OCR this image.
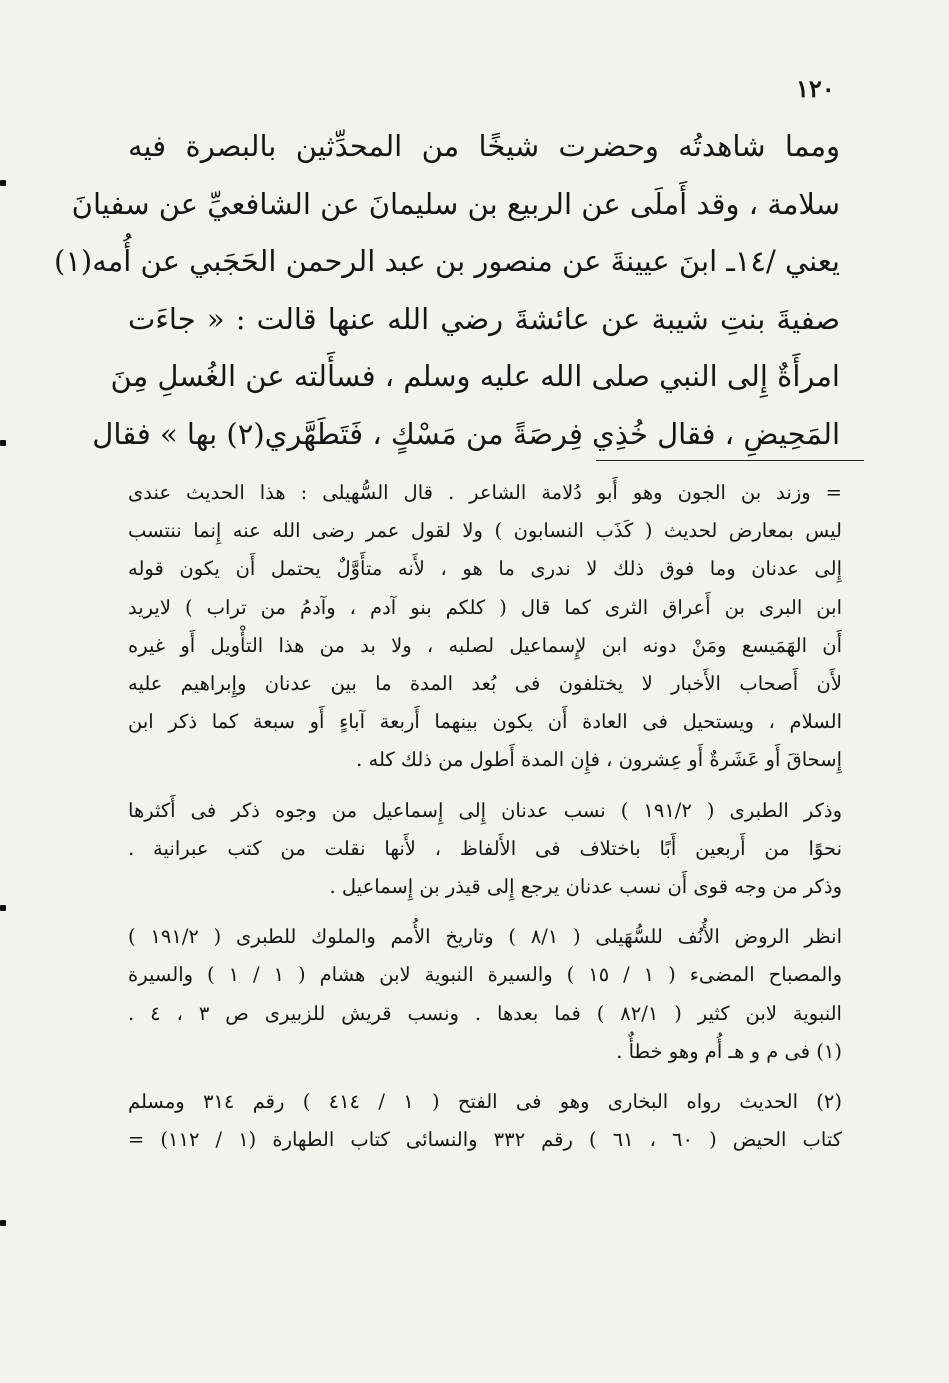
١٢٠
ومما شاهدتُه وحضرت شيخًا من المحدِّثين بالبصرة فيه
سلامة ، وقد أَملَى عن الربيع بن سليمانَ عن الشافعيِّ عن سفيانَ
يعني /١٤ـ ابنَ عيينةَ عن منصور بن عبد الرحمن الحَجَبي عن أُمه(١)
صفيةَ بنتِ شيبة عن عائشةَ رضي الله عنها قالت : « جاءَت
امرأَةٌ إِلى النبي صلى الله عليه وسلم ، فسأَلته عن الغُسلِ مِنَ
المَحِيضِ ، فقال خُذِي فِرصَةً من مَسْكٍ ، فَتَطَهَّري(٢) بها » فقال
= وزند بن الجون وهو أَبو دُلامة الشاعر . قال السُّهيلى : هذا الحديث عندى
ليس بمعارض لحديث ( كَذَب النسابون ) ولا لقول عمر رضى الله عنه إِنما ننتسب
إِلى عدنان وما فوق ذلك لا ندرى ما هو ، لأَنه متأَوَّلٌ يحتمل أَن يكون قوله
ابن البرى بن أَعراق الثرى كما قال ( كلكم بنو آدم ، وآدمُ من تراب ) لايريد
أَن الهَمَيسع ومَنْ دونه ابن لإِسماعيل لصلبه ، ولا بد من هذا التأْويل أَو غيره
لأَن أَصحاب الأَخبار لا يختلفون فى بُعد المدة ما بين عدنان وإِبراهيم عليه
السلام ، ويستحيل فى العادة أَن يكون بينهما أَربعة آباءٍ أَو سبعة كما ذكر ابن
إِسحاقَ أَو عَشَرةٌ أَو عِشرون ، فإِن المدة أَطول من ذلك كله .
وذكر الطبرى ( ١٩١/٢ ) نسب عدنان إِلى إِسماعيل من وجوه ذكر فى أَكثرها
نحوًا من أَربعين أَبًا باختلاف فى الأَلفاظ ، لأَنها نقلت من كتب عبرانية .
وذكر من وجه قوى أَن نسب عدنان يرجع إِلى قيذر بن إِسماعيل .
انظر الروض الأُنُف للسُّهَيلى ( ٨/١ ) وتاريخ الأُمم والملوك للطبرى ( ١٩١/٢ )
والمصباح المضىء ( ١ / ١٥ ) والسيرة النبوية لابن هشام ( ١ / ١ ) والسيرة
النبوية لابن كثير ( ٨٢/١ ) فما بعدها . ونسب قريش للزبيرى ص ٣ ، ٤ .
(١) فى م و هـ أُم وهو خطأٌ .
(٢) الحديث رواه البخارى وهو فى الفتح ( ١ / ٤١٤ ) رقم ٣١٤ ومسلم
كتاب الحيض ( ٦٠ ، ٦١ ) رقم ٣٣٢ والنسائى كتاب الطهارة (١ / ١١٢) =
